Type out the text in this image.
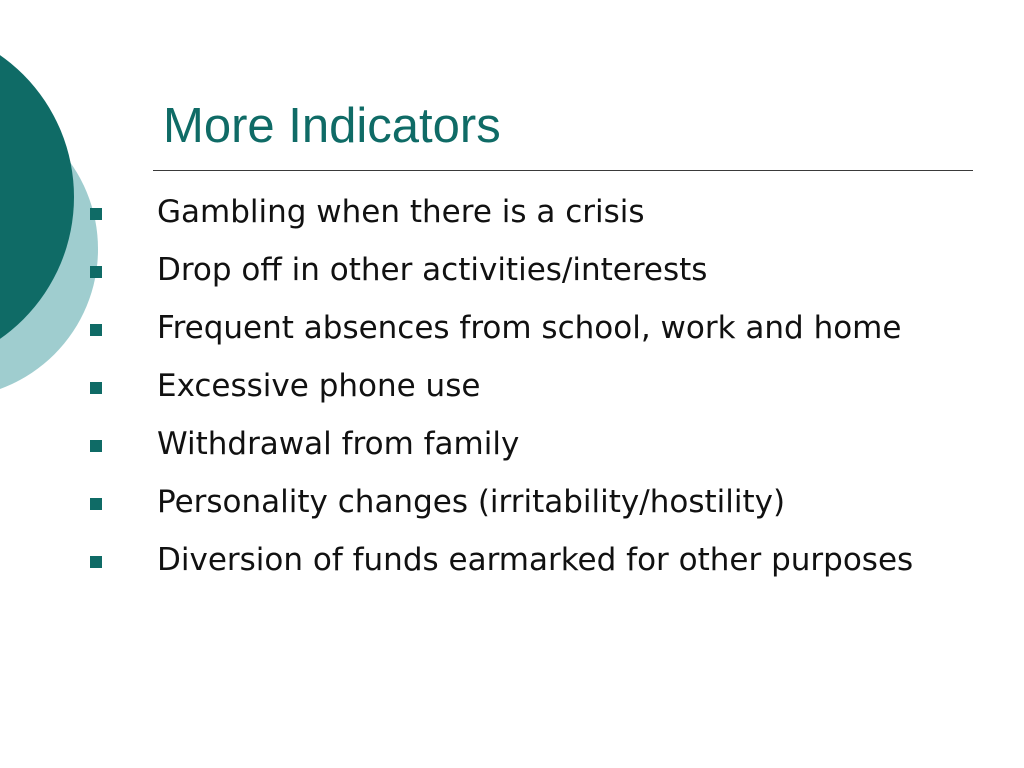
More Indicators
Gambling when there is a crisis
Drop off in other activities/interests
Frequent absences from school, work and home
Excessive phone use
Withdrawal from family
Personality changes (irritability/hostility)
Diversion of funds earmarked for other purposes
